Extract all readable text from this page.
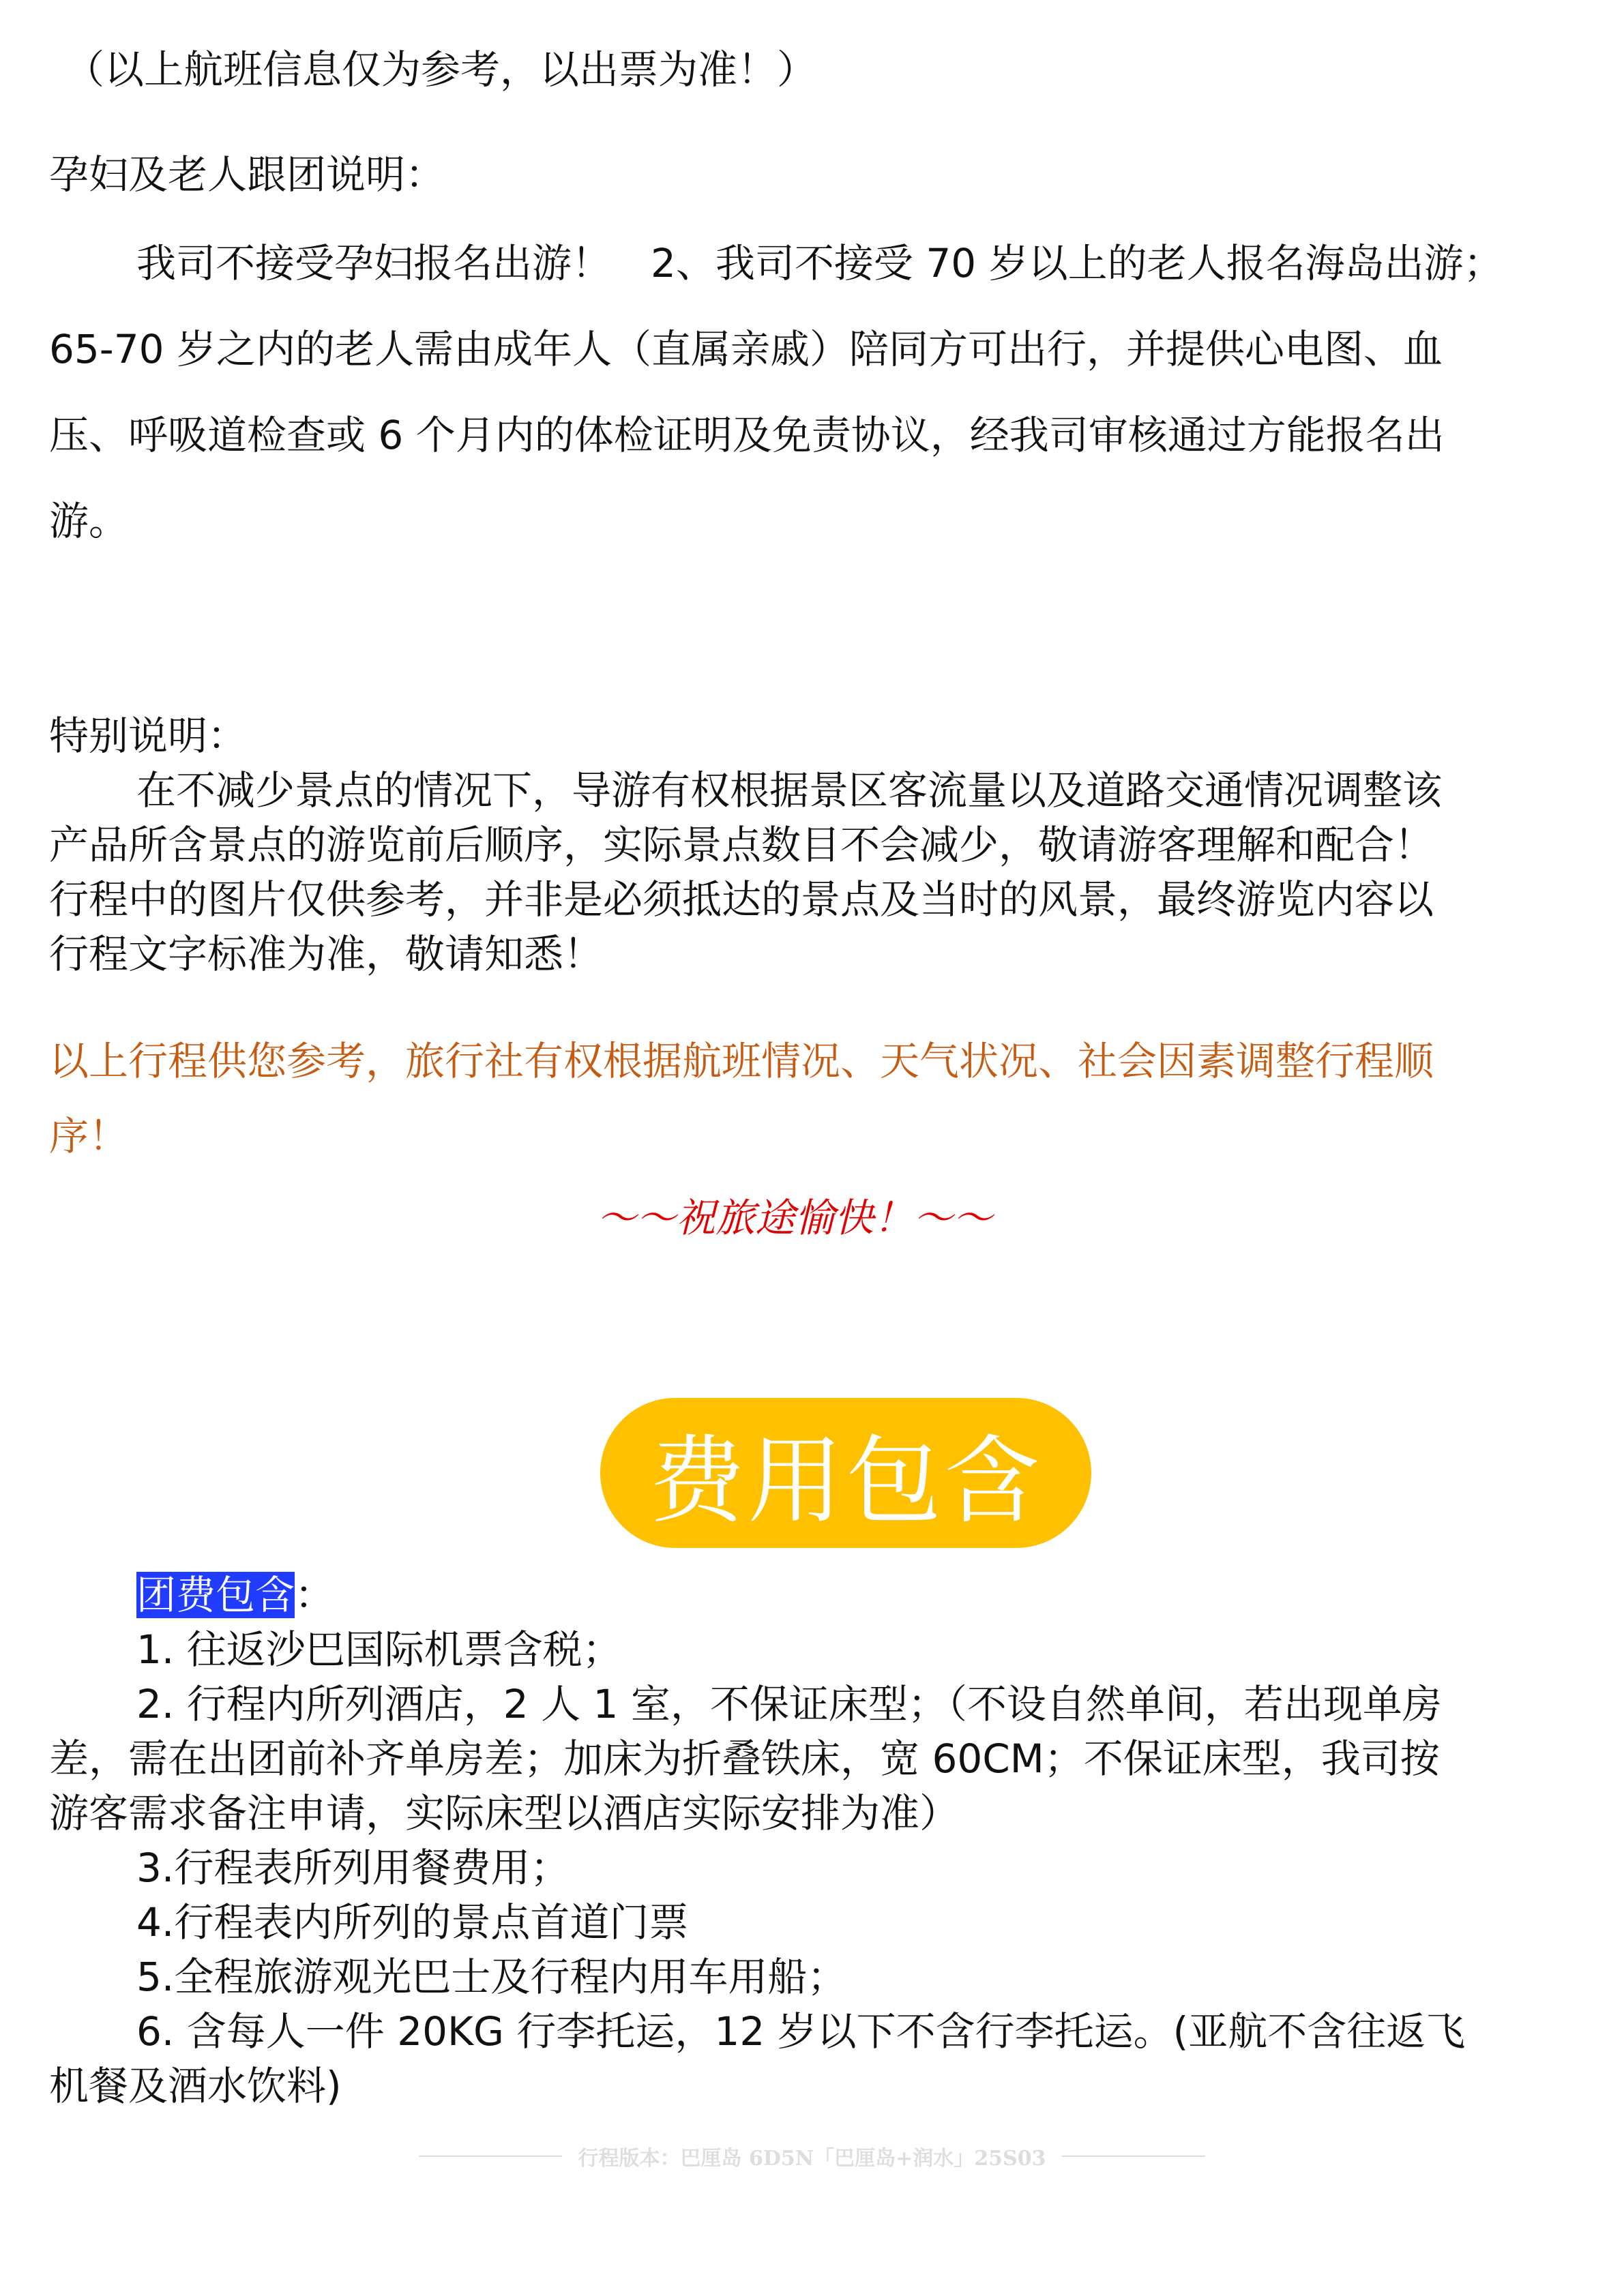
（以上航班信息仅为参考，以出票为准！）
孕妇及老人跟团说明：
我司不接受孕妇报名出游！　2、我司不接受 70 岁以上的老人报名海岛出游；
65-70 岁之内的老人需由成年人（直属亲戚）陪同方可出行，并提供心电图、血
压、呼吸道检查或 6 个月内的体检证明及免责协议，经我司审核通过方能报名出
游。
特别说明：
在不减少景点的情况下，导游有权根据景区客流量以及道路交通情况调整该
产品所含景点的游览前后顺序，实际景点数目不会减少，敬请游客理解和配合！
行程中的图片仅供参考，并非是必须抵达的景点及当时的风景，最终游览内容以
行程文字标准为准，敬请知悉！
以上行程供您参考，旅行社有权根据航班情况、天气状况、社会因素调整行程顺
序！
～～祝旅途愉快！～～
费用包含
团费包含：
1. 往返沙巴国际机票含税；
2. 行程内所列酒店，2 人 1 室，不保证床型；（不设自然单间，若出现单房
差，需在出团前补齐单房差；加床为折叠铁床，宽 60CM；不保证床型，我司按
游客需求备注申请，实际床型以酒店实际安排为准）
3.行程表所列用餐费用；
4.行程表内所列的景点首道门票
5.全程旅游观光巴士及行程内用车用船；
6. 含每人一件 20KG 行李托运，12 岁以下不含行李托运。(亚航不含往返飞
机餐及酒水饮料)
行程版本：巴厘岛 6D5N「巴厘岛+润水」25S03
